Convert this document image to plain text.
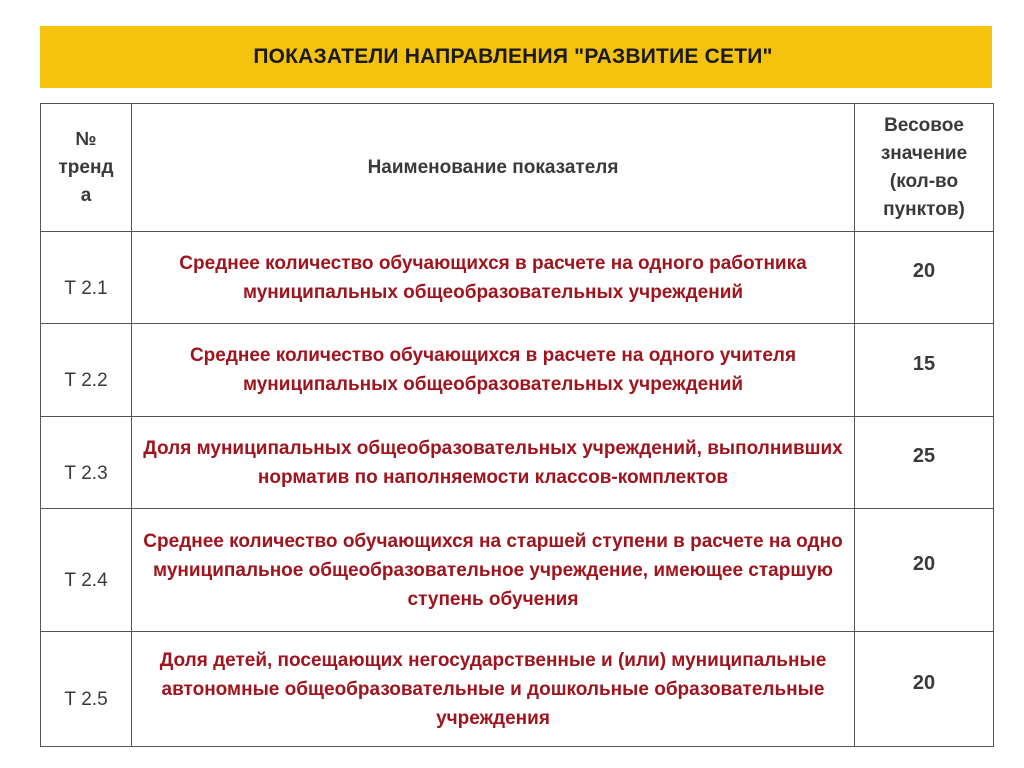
ПОКАЗАТЕЛИ НАПРАВЛЕНИЯ "РАЗВИТИЕ СЕТИ"
№ тренд а	Наименование показателя	Весовое значение (кол-во пунктов)

Т 2.1	Среднее количество обучающихся в расчете на одного работника муниципальных общеобразовательных учреждений	20

Т 2.2	Среднее количество обучающихся в расчете на одного учителя муниципальных общеобразовательных учреждений	15

Т 2.3	Доля муниципальных общеобразовательных учреждений, выполнивших норматив по наполняемости классов-комплектов	25

Т 2.4	Среднее количество обучающихся на старшей ступени в расчете на одно муниципальное общеобразовательное учреждение, имеющее старшую ступень обучения	20

Т 2.5	Доля детей, посещающих негосударственные и (или) муниципальные автономные общеобразовательные и дошкольные образовательные учреждения	20
